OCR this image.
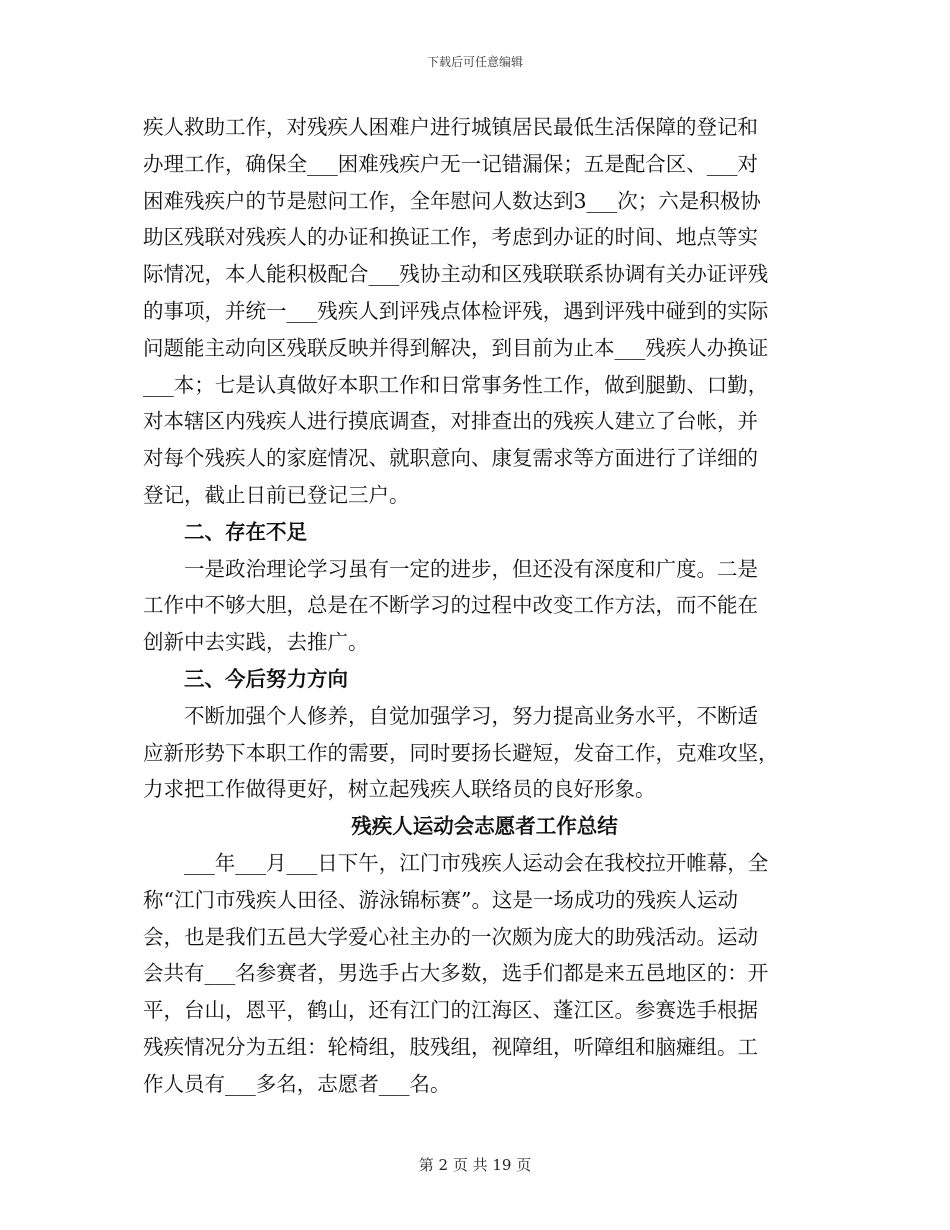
下载后可任意编辑
疾人救助工作，对残疾人困难户进行城镇居民最低生活保障的登记和
办理工作，确保全___困难残疾户无一记错漏保；五是配合区、___对
困难残疾户的节是慰问工作，全年慰问人数达到3___次；六是积极协
助区残联对残疾人的办证和换证工作，考虑到办证的时间、地点等实
际情况，本人能积极配合___残协主动和区残联联系协调有关办证评残
的事项，并统一___残疾人到评残点体检评残，遇到评残中碰到的实际
问题能主动向区残联反映并得到解决，到目前为止本___残疾人办换证
___本；七是认真做好本职工作和日常事务性工作，做到腿勤、口勤，
对本辖区内残疾人进行摸底调查，对排查出的残疾人建立了台帐，并
对每个残疾人的家庭情况、就职意向、康复需求等方面进行了详细的
登记，截止日前已登记三户。
二、存在不足
一是政治理论学习虽有一定的进步，但还没有深度和广度。二是
工作中不够大胆，总是在不断学习的过程中改变工作方法，而不能在
创新中去实践，去推广。
三、今后努力方向
不断加强个人修养，自觉加强学习，努力提高业务水平，不断适
应新形势下本职工作的需要，同时要扬长避短，发奋工作，克难攻坚，
力求把工作做得更好，树立起残疾人联络员的良好形象。
残疾人运动会志愿者工作总结
___年___月___日下午，江门市残疾人运动会在我校拉开帷幕，全
称“江门市残疾人田径、游泳锦标赛”。这是一场成功的残疾人运动
会，也是我们五邑大学爱心社主办的一次颇为庞大的助残活动。运动
会共有___名参赛者，男选手占大多数，选手们都是来五邑地区的：开
平，台山，恩平，鹤山，还有江门的江海区、蓬江区。参赛选手根据
残疾情况分为五组：轮椅组，肢残组，视障组，听障组和脑瘫组。工
作人员有___多名，志愿者___名。
第 2 页 共 19 页
